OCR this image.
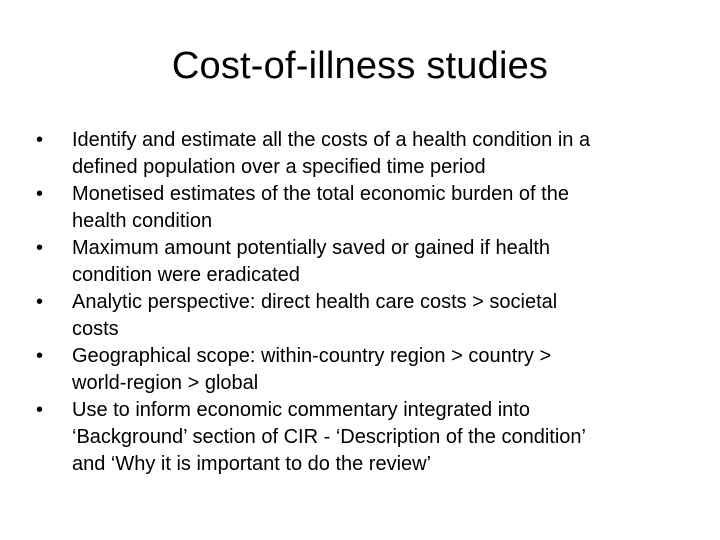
Cost-of-illness studies
•	Identify and estimate all the costs of a health condition in a
defined population over a specified time period
•	Monetised estimates of the total economic burden of the
health condition
•	Maximum amount potentially saved or gained if health
condition were eradicated
•	Analytic perspective: direct health care costs > societal
costs
•	Geographical scope: within-country region > country >
world-region > global
•	Use to inform economic commentary integrated into
‘Background’ section of CIR - ‘Description of the condition’
and ‘Why it is important to do the review’
